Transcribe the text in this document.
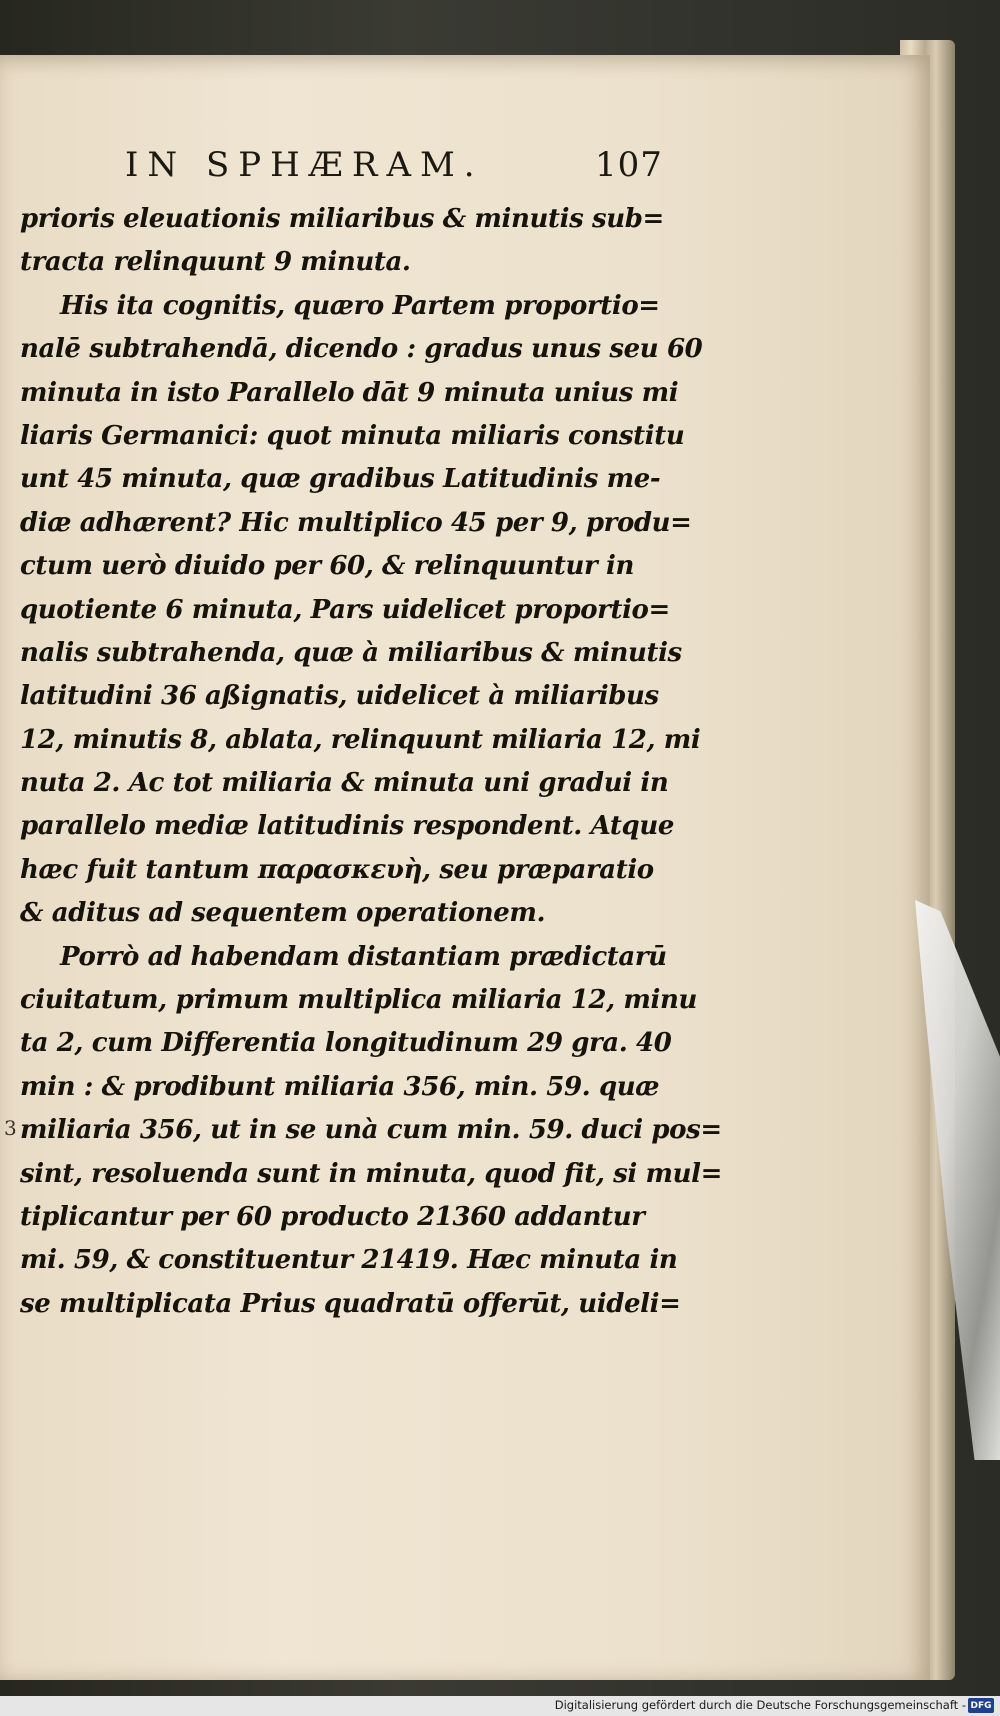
IN SPHÆRAM.	107
prioris eleuationis miliaribus & minutis sub=
tracta relinquunt 9 minuta.
His ita cognitis, quæro Partem proportio=
nalē subtrahendā, dicendo : gradus unus seu 60
minuta in isto Parallelo dāt 9 minuta unius mi
liaris Germanici: quot minuta miliaris constitu
unt 45 minuta, quæ gradibus Latitudinis me-
diæ adhærent? Hic multiplico 45 per 9, produ=
ctum uerò diuido per 60, & relinquuntur in
quotiente 6 minuta, Pars uidelicet proportio=
nalis subtrahenda, quæ à miliaribus & minutis
latitudini 36 aßignatis, uidelicet à miliaribus
12, minutis 8, ablata, relinquunt miliaria 12, mi
nuta 2. Ac tot miliaria & minuta uni gradui in
parallelo mediæ latitudinis respondent. Atque
hæc fuit tantum παρασκευὴ, seu præparatio
& aditus ad sequentem operationem.
Porrò ad habendam distantiam prædictarū
ciuitatum, primum multiplica miliaria 12, minu
ta 2, cum Differentia longitudinum 29 gra. 40
min : & prodibunt miliaria 356, min. 59. quæ
miliaria 356, ut in se unà cum min. 59. duci pos=
sint, resoluenda sunt in minuta, quod fit, si mul=
tiplicantur per 60 producto 21360 addantur
mi. 59, & constituentur 21419. Hæc minuta in
se multiplicata Prius quadratū offerūt, uideli=
3
Digitalisierung gefördert durch die Deutsche Forschungsgemeinschaft - DFG
